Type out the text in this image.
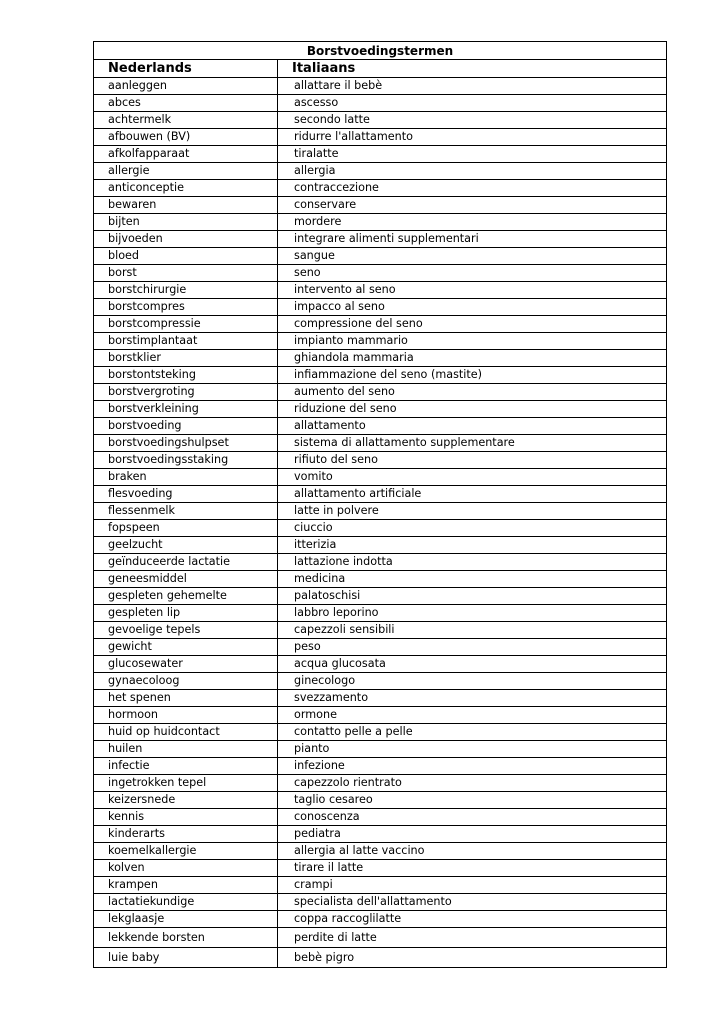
Borstvoedingstermen	
Nederlands	Italiaans
aanleggen	allattare il bebè
abces	ascesso
achtermelk	secondo latte
afbouwen (BV)	ridurre l'allattamento
afkolfapparaat	tiralatte
allergie	allergia
anticonceptie	contraccezione
bewaren	conservare
bijten	mordere
bijvoeden	integrare alimenti supplementari
bloed	sangue
borst	seno
borstchirurgie	intervento al seno
borstcompres	impacco al seno
borstcompressie	compressione del seno
borstimplantaat	impianto mammario
borstklier	ghiandola mammaria
borstontsteking	infiammazione del seno (mastite)
borstvergroting	aumento del seno
borstverkleining	riduzione del seno
borstvoeding	allattamento
borstvoedingshulpset	sistema di allattamento supplementare
borstvoedingsstaking	rifiuto del seno
braken	vomito
flesvoeding	allattamento artificiale
flessenmelk	latte in polvere
fopspeen	ciuccio
geelzucht	itterizia
geïnduceerde lactatie	lattazione indotta
geneesmiddel	medicina
gespleten gehemelte	palatoschisi
gespleten lip	labbro leporino
gevoelige tepels	capezzoli sensibili
gewicht	peso
glucosewater	acqua glucosata
gynaecoloog	ginecologo
het spenen	svezzamento
hormoon	ormone
huid op huidcontact	contatto pelle a pelle
huilen	pianto
infectie	infezione
ingetrokken tepel	capezzolo rientrato
keizersnede	taglio cesareo
kennis	conoscenza
kinderarts	pediatra
koemelkallergie	allergia al latte vaccino
kolven	tirare il latte
krampen	crampi
lactatiekundige	specialista dell'allattamento
lekglaasje	coppa raccoglilatte
lekkende borsten	perdite di latte
luie baby	bebè pigro
